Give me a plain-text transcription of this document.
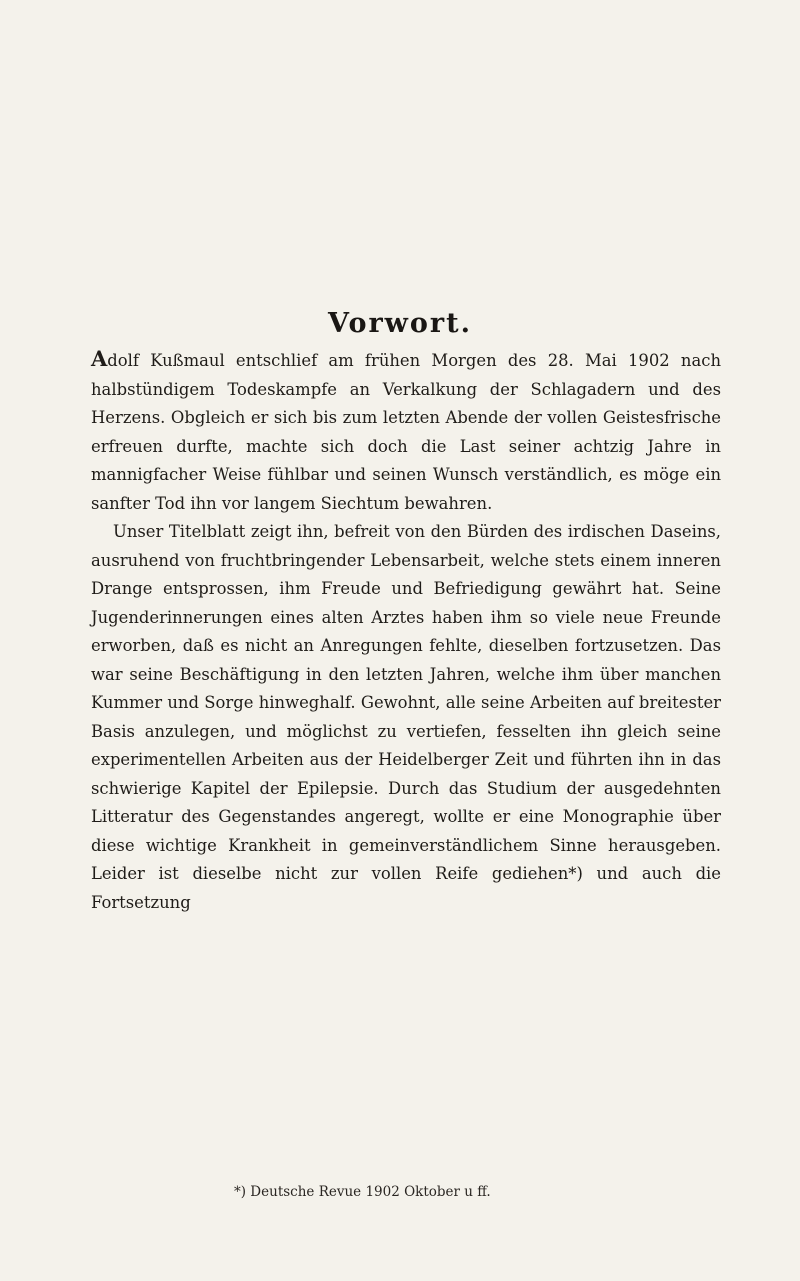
Vorwort.

Adolf Kußmaul entschlief am frühen Morgen des 28. Mai 1902 nach halbstündigem Todeskampfe an Verkalkung der Schlagadern und des Herzens. Obgleich er sich bis zum letzten Abende der vollen Geistesfrische erfreuen durfte, machte sich doch die Last seiner achtzig Jahre in mannigfacher Weise fühlbar und seinen Wunsch verständlich, es möge ein sanfter Tod ihn vor langem Siechtum bewahren.

Unser Titelblatt zeigt ihn, befreit von den Bürden des irdischen Daseins, ausruhend von fruchtbringender Lebensarbeit, welche stets einem inneren Drange entsprossen, ihm Freude und Befriedigung gewährt hat. Seine Jugenderinnerungen eines alten Arztes haben ihm so viele neue Freunde erworben, daß es nicht an Anregungen fehlte, dieselben fortzusetzen. Das war seine Beschäftigung in den letzten Jahren, welche ihm über manchen Kummer und Sorge hinweghalf. Gewohnt, alle seine Arbeiten auf breitester Basis anzulegen, und möglichst zu vertiefen, fesselten ihn gleich seine experimentellen Arbeiten aus der Heidelberger Zeit und führten ihn in das schwierige Kapitel der Epilepsie. Durch das Studium der ausgedehnten Litteratur des Gegenstandes angeregt, wollte er eine Monographie über diese wichtige Krankheit in gemeinverständlichem Sinne herausgeben. Leider ist dieselbe nicht zur vollen Reife gediehen*) und auch die Fortsetzung

*) Deutsche Revue 1902 Oktober u ff.
